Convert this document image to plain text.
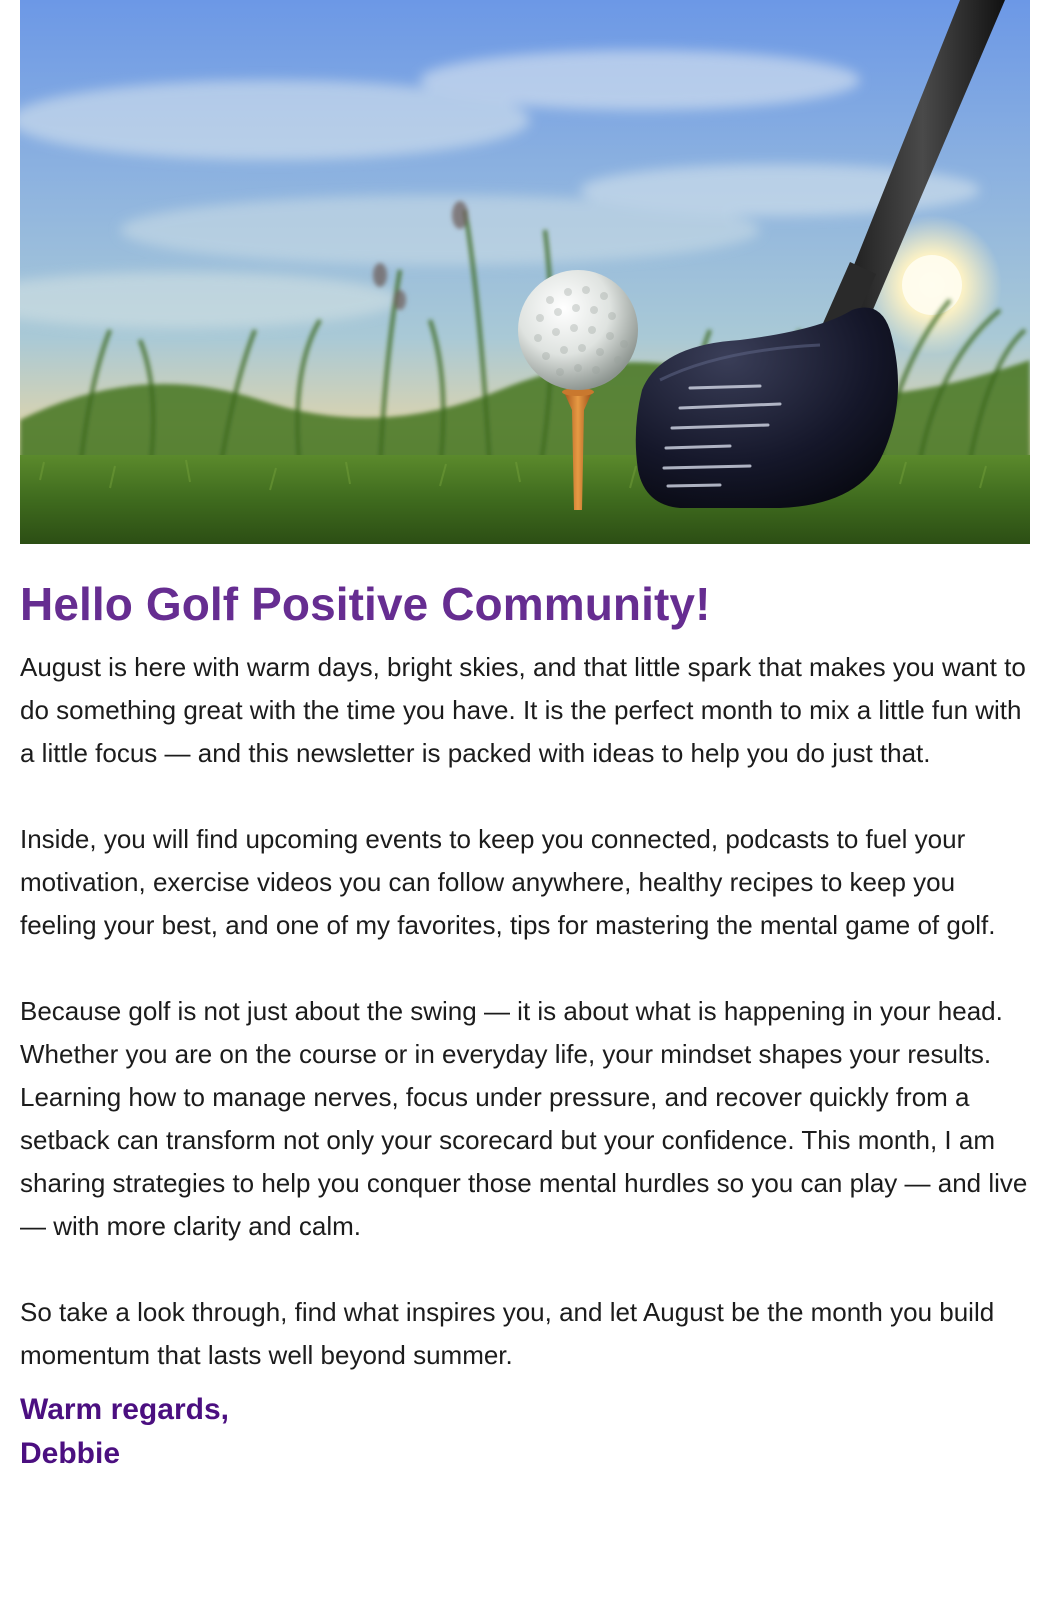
Hello Golf Positive Community!

August is here with warm days, bright skies, and that little spark that makes you want to do something great with the time you have. It is the perfect month to mix a little fun with a little focus — and this newsletter is packed with ideas to help you do just that.

Inside, you will find upcoming events to keep you connected, podcasts to fuel your motivation, exercise videos you can follow anywhere, healthy recipes to keep you feeling your best, and one of my favorites, tips for mastering the mental game of golf.

Because golf is not just about the swing — it is about what is happening in your head. Whether you are on the course or in everyday life, your mindset shapes your results. Learning how to manage nerves, focus under pressure, and recover quickly from a setback can transform not only your scorecard but your confidence. This month, I am sharing strategies to help you conquer those mental hurdles so you can play — and live — with more clarity and calm.

So take a look through, find what inspires you, and let August be the month you build momentum that lasts well beyond summer.

Warm regards,
Debbie
